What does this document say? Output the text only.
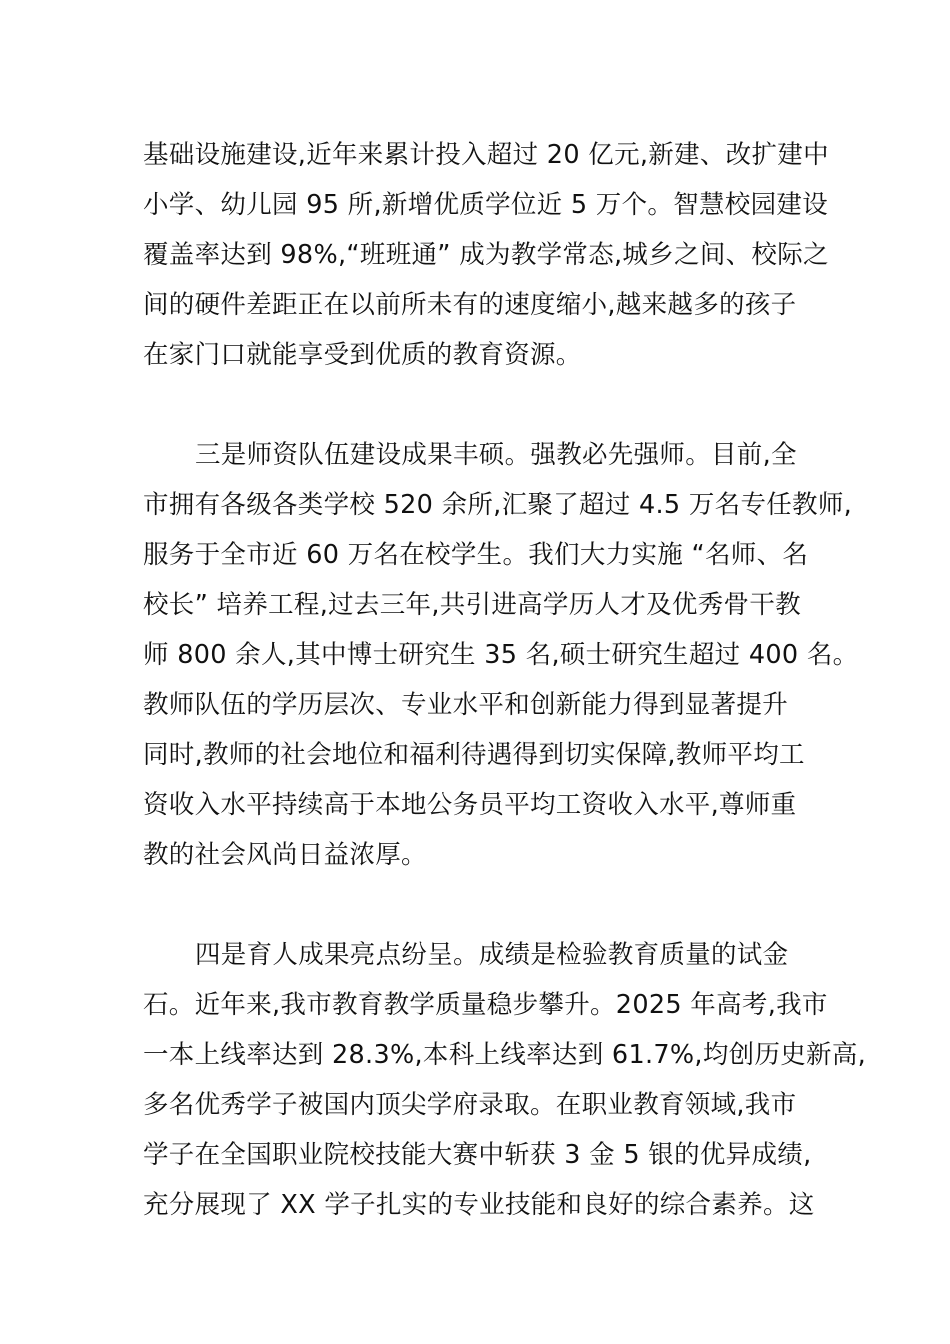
基础设施建设,近年来累计投入超过 20 亿元,新建、改扩建中
小学、幼儿园 95 所,新增优质学位近 5 万个。智慧校园建设
覆盖率达到 98%,“班班通” 成为教学常态,城乡之间、校际之
间的硬件差距正在以前所未有的速度缩小,越来越多的孩子
在家门口就能享受到优质的教育资源。

三是师资队伍建设成果丰硕。强教必先强师。目前,全
市拥有各级各类学校 520 余所,汇聚了超过 4.5 万名专任教师,
服务于全市近 60 万名在校学生。我们大力实施 “名师、名
校长” 培养工程,过去三年,共引进高学历人才及优秀骨干教
师 800 余人,其中博士研究生 35 名,硕士研究生超过 400 名。
教师队伍的学历层次、专业水平和创新能力得到显著提升
同时,教师的社会地位和福利待遇得到切实保障,教师平均工
资收入水平持续高于本地公务员平均工资收入水平,尊师重
教的社会风尚日益浓厚。

四是育人成果亮点纷呈。成绩是检验教育质量的试金
石。近年来,我市教育教学质量稳步攀升。2025 年高考,我市
一本上线率达到 28.3%,本科上线率达到 61.7%,均创历史新高,
多名优秀学子被国内顶尖学府录取。在职业教育领域,我市
学子在全国职业院校技能大赛中斩获 3 金 5 银的优异成绩,
充分展现了 XX 学子扎实的专业技能和良好的综合素养。这
